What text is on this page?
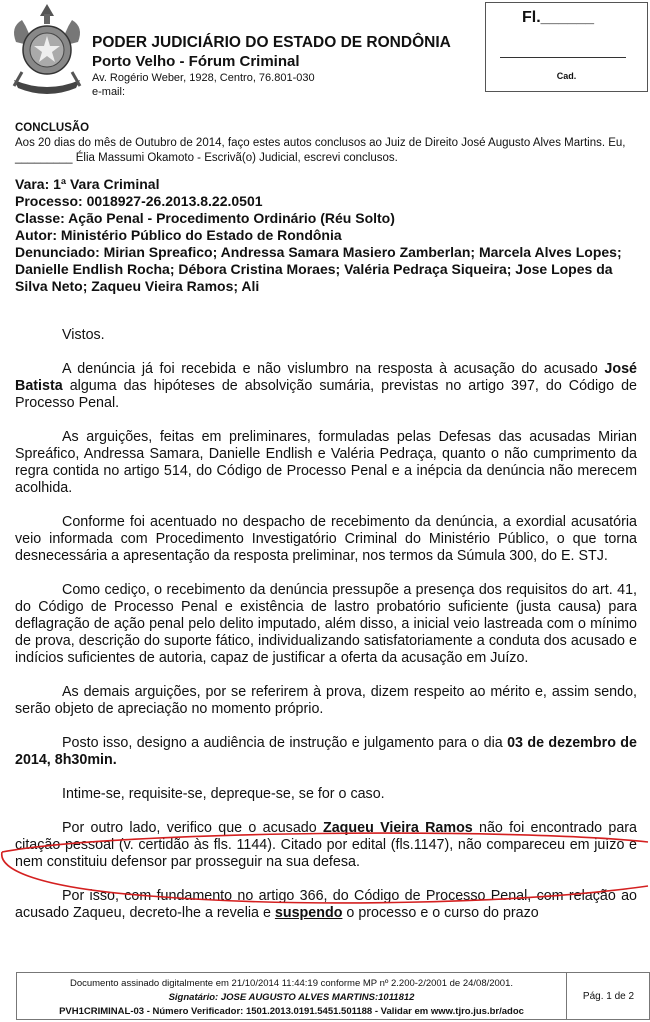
PODER JUDICIÁRIO DO ESTADO DE RONDÔNIA
Porto Velho - Fórum Criminal
Av. Rogério Weber, 1928, Centro, 76.801-030
e-mail:
Fl.______
Cad.
CONCLUSÃO
Aos 20 dias do mês de Outubro de 2014, faço estes autos conclusos ao Juiz de Direito José Augusto Alves Martins. Eu, _________ Élia Massumi Okamoto - Escrivã(o) Judicial, escrevi conclusos.
Vara: 1ª Vara Criminal
Processo: 0018927-26.2013.8.22.0501
Classe: Ação Penal - Procedimento Ordinário (Réu Solto)
Autor: Ministério Público do Estado de Rondônia
Denunciado: Mirian Spreafico; Andressa Samara Masiero Zamberlan; Marcela Alves Lopes; Danielle Endlish Rocha; Débora Cristina Moraes; Valéria Pedraça Siqueira; Jose Lopes da Silva Neto; Zaqueu Vieira Ramos; Ali

Vistos.

A denúncia já foi recebida e não vislumbro na resposta à acusação do acusado José Batista alguma das hipóteses de absolvição sumária, previstas no artigo 397, do Código de Processo Penal.

As arguições, feitas em preliminares, formuladas pelas Defesas das acusadas Mirian Spreáfico, Andressa Samara, Danielle Endlish e Valéria Pedraça, quanto o não cumprimento da regra contida no artigo 514, do Código de Processo Penal e a inépcia da denúncia não merecem acolhida.

Conforme foi acentuado no despacho de recebimento da denúncia, a exordial acusatória veio informada com Procedimento Investigatório Criminal do Ministério Público, o que torna desnecessária a apresentação da resposta preliminar, nos termos da Súmula 300, do E. STJ.

Como cediço, o recebimento da denúncia pressupõe a presença dos requisitos do art. 41, do Código de Processo Penal e existência de lastro probatório suficiente (justa causa) para deflagração de ação penal pelo delito imputado, além disso, a inicial veio lastreada com o mínimo de prova, descrição do suporte fático, individualizando satisfatoriamente a conduta dos acusado e indícios suficientes de autoria, capaz de justificar a oferta da acusação em Juízo.

As demais arguições, por se referirem à prova, dizem respeito ao mérito e, assim sendo, serão objeto de apreciação no momento próprio.

Posto isso, designo a audiência de instrução e julgamento para o dia 03 de dezembro de 2014, 8h30min.

Intime-se, requisite-se, depreque-se, se for o caso.

Por outro lado, verifico que o acusado Zaqueu Vieira Ramos não foi encontrado para citação pessoal (v. certidão às fls. 1144). Citado por edital (fls.1147), não compareceu em juízo e nem constituiu defensor par prosseguir na sua defesa.

Por isso, com fundamento no artigo 366, do Código de Processo Penal, com relação ao acusado Zaqueu, decreto-lhe a revelia e suspendo o processo e o curso do prazo

Documento assinado digitalmente em 21/10/2014 11:44:19 conforme MP nº 2.200-2/2001 de 24/08/2001.
Signatário: JOSE AUGUSTO ALVES MARTINS:1011812
PVH1CRIMINAL-03 - Número Verificador: 1501.2013.0191.5451.501188 - Validar em www.tjro.jus.br/adoc
Pág. 1 de 2
